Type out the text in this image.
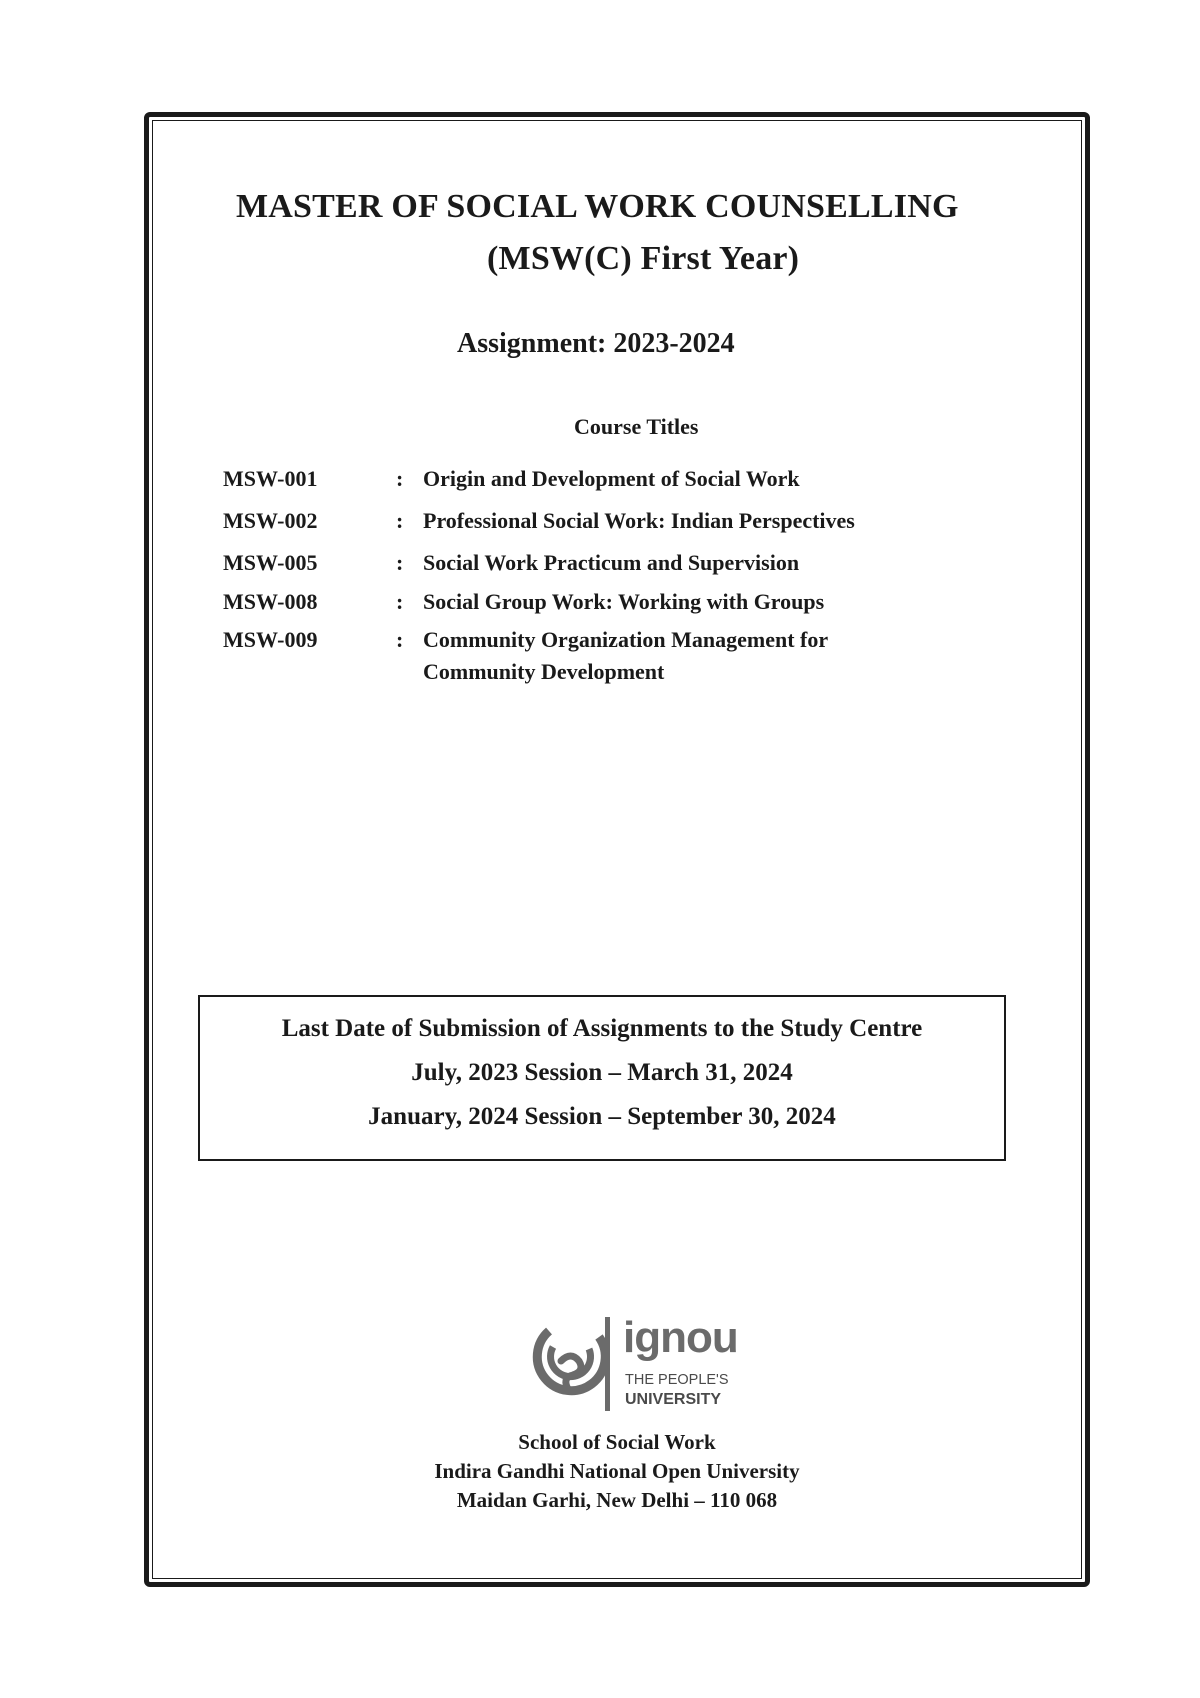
MASTER OF SOCIAL WORK COUNSELLING
(MSW(C) First Year)
Assignment: 2023-2024

Course Titles

MSW-001	: Origin and Development of Social Work
MSW-002	: Professional Social Work: Indian Perspectives
MSW-005	: Social Work Practicum and Supervision
MSW-008	: Social Group Work: Working with Groups
MSW-009	: Community Organization Management for Community Development

Last Date of Submission of Assignments to the Study Centre

July, 2023 Session – March 31, 2024

January, 2024 Session – September 30, 2024

ignou

THE PEOPLE'S

UNIVERSITY

School of Social Work

Indira Gandhi National Open University

Maidan Garhi, New Delhi – 110 068
